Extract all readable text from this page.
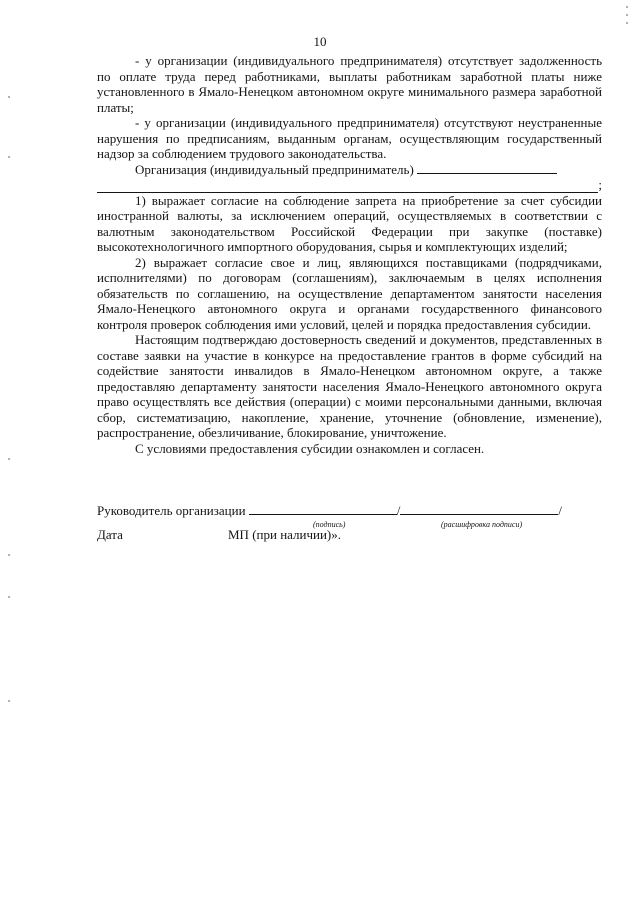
10

- у организации (индивидуального предпринимателя) отсутствует задолженность по оплате труда перед работниками, выплаты работникам заработной платы ниже установленного в Ямало-Ненецком автономном округе минимального размера заработной платы;

- у организации (индивидуального предпринимателя) отсутствуют неустраненные нарушения по предписаниям, выданным органам, осуществляющим государственный надзор за соблюдением трудового законодательства.

Организация (индивидуальный предприниматель)

;

1) выражает согласие на соблюдение запрета на приобретение за счет субсидии иностранной валюты, за исключением операций, осуществляемых в соответствии с валютным законодательством Российской Федерации при закупке (поставке) высокотехнологичного импортного оборудования, сырья и комплектующих изделий;

2) выражает согласие свое и лиц, являющихся поставщиками (подрядчиками, исполнителями) по договорам (соглашениям), заключаемым в целях исполнения обязательств по соглашению, на осуществление департаментом занятости населения Ямало-Ненецкого автономного округа и органами государственного финансового контроля проверок соблюдения ими условий, целей и порядка предоставления субсидии.

Настоящим подтверждаю достоверность сведений и документов, представленных в составе заявки на участие в конкурсе на предоставление грантов в форме субсидий на содействие занятости инвалидов в Ямало-Ненецком автономном округе, а также предоставляю департаменту занятости населения Ямало-Ненецкого автономного округа право осуществлять все действия (операции) с моими персональными данными, включая сбор, систематизацию, накопление, хранение, уточнение (обновление, изменение), распространение, обезличивание, блокирование, уничтожение.

С условиями предоставления субсидии ознакомлен и согласен.

Руководитель организации	/	/
(подпись)	(расшифровка подписи)
Дата	МП (при наличии)».
